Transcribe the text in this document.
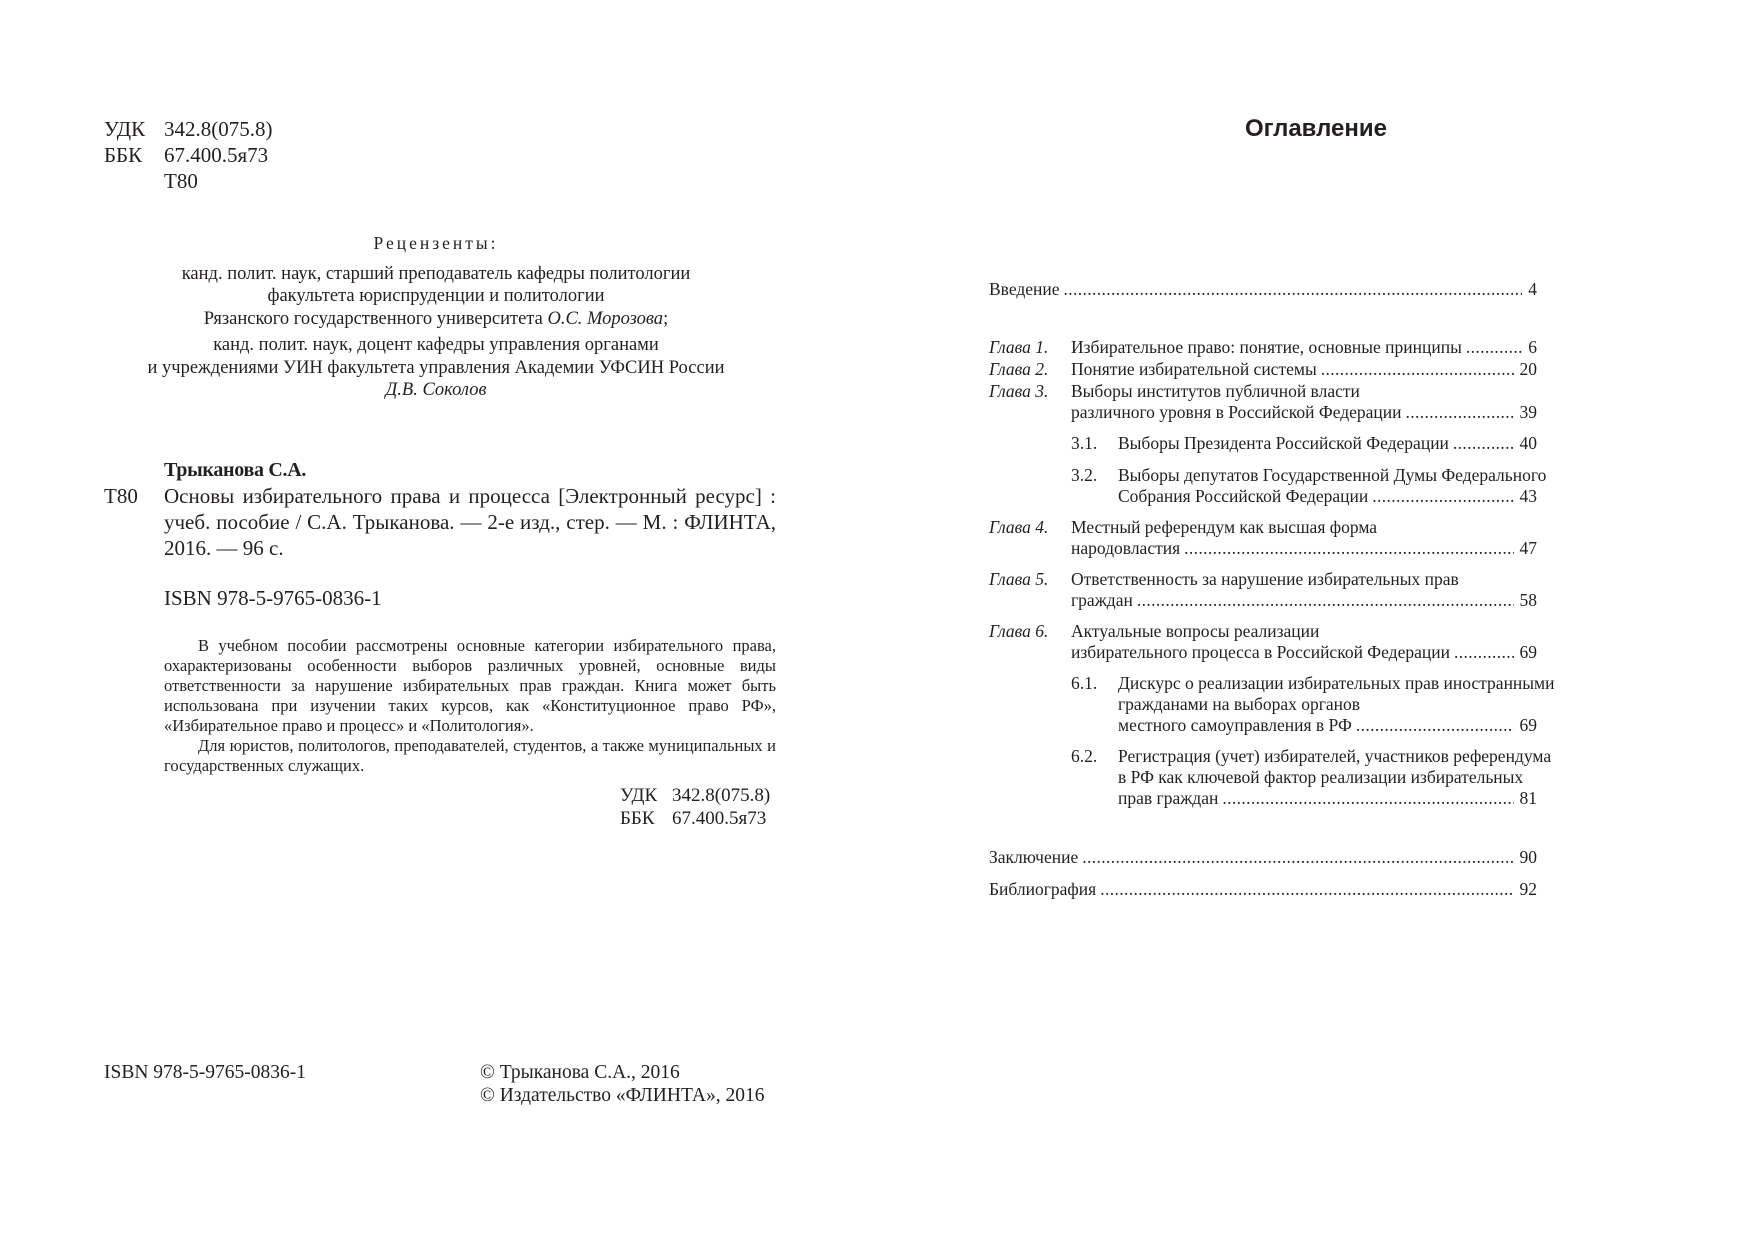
УДК 342.8(075.8)
ББК	67.400.5я73
Т80
Рецензенты:
канд. полит. наук, старший преподаватель кафедры политологии
факультета юриспруденции и политологии
Рязанского государственного университета О.С. Морозова;
канд. полит. наук, доцент кафедры управления органами
и учреждениями УИН факультета управления Академии УФСИН России
Д.В. Соколов
Трыканова С.А.
Т80 Основы избирательного права и процесса [Электронный ресурс] : учеб. пособие / С.А. Трыканова. — 2-е изд., стер. — М. : ФЛИНТА, 2016. — 96 с.
ISBN 978-5-9765-0836-1

В учебном пособии рассмотрены основные категории избирательного права, охарактеризованы особенности выборов различных уровней, основные виды ответственности за нарушение избирательных прав граждан. Книга может быть использована при изучении таких курсов, как «Конституционное право РФ», «Избирательное право и процесс» и «Политология».

Для юристов, политологов, преподавателей, студентов, а также муниципальных и государственных служащих.

УДК 342.8(075.8)
ББК 67.400.5я73
ISBN 978-5-9765-0836-1	© Трыканова С.А., 2016
© Издательство «ФЛИНТА», 2016
Оглавление
Введение . . .	4
Глава 1. Избирательное право: понятие, основные принципы . . .	6
Глава 2. Понятие избирательной системы . . .	20
Глава 3. Выборы институтов публичной власти
различного уровня в Российской Федерации . . .	39
3.1. Выборы Президента Российской Федерации . . .	40
3.2. Выборы депутатов Государственной Думы Федерального
Собрания Российской Федерации . . .	43
Глава 4. Местный референдум как высшая форма
народовластия . . .	47
Глава 5. Ответственность за нарушение избирательных прав
граждан . . .	58
Глава 6. Актуальные вопросы реализации
избирательного процесса в Российской Федерации . . .	69
6.1. Дискурс о реализации избирательных прав иностранными
гражданами на выборах органов
местного самоуправления в РФ . . .	69
6.2. Регистрация (учет) избирателей, участников референдума
в РФ как ключевой фактор реализации избирательных
прав граждан . . .	81
Заключение . . .	90
Библиография . . .	92
